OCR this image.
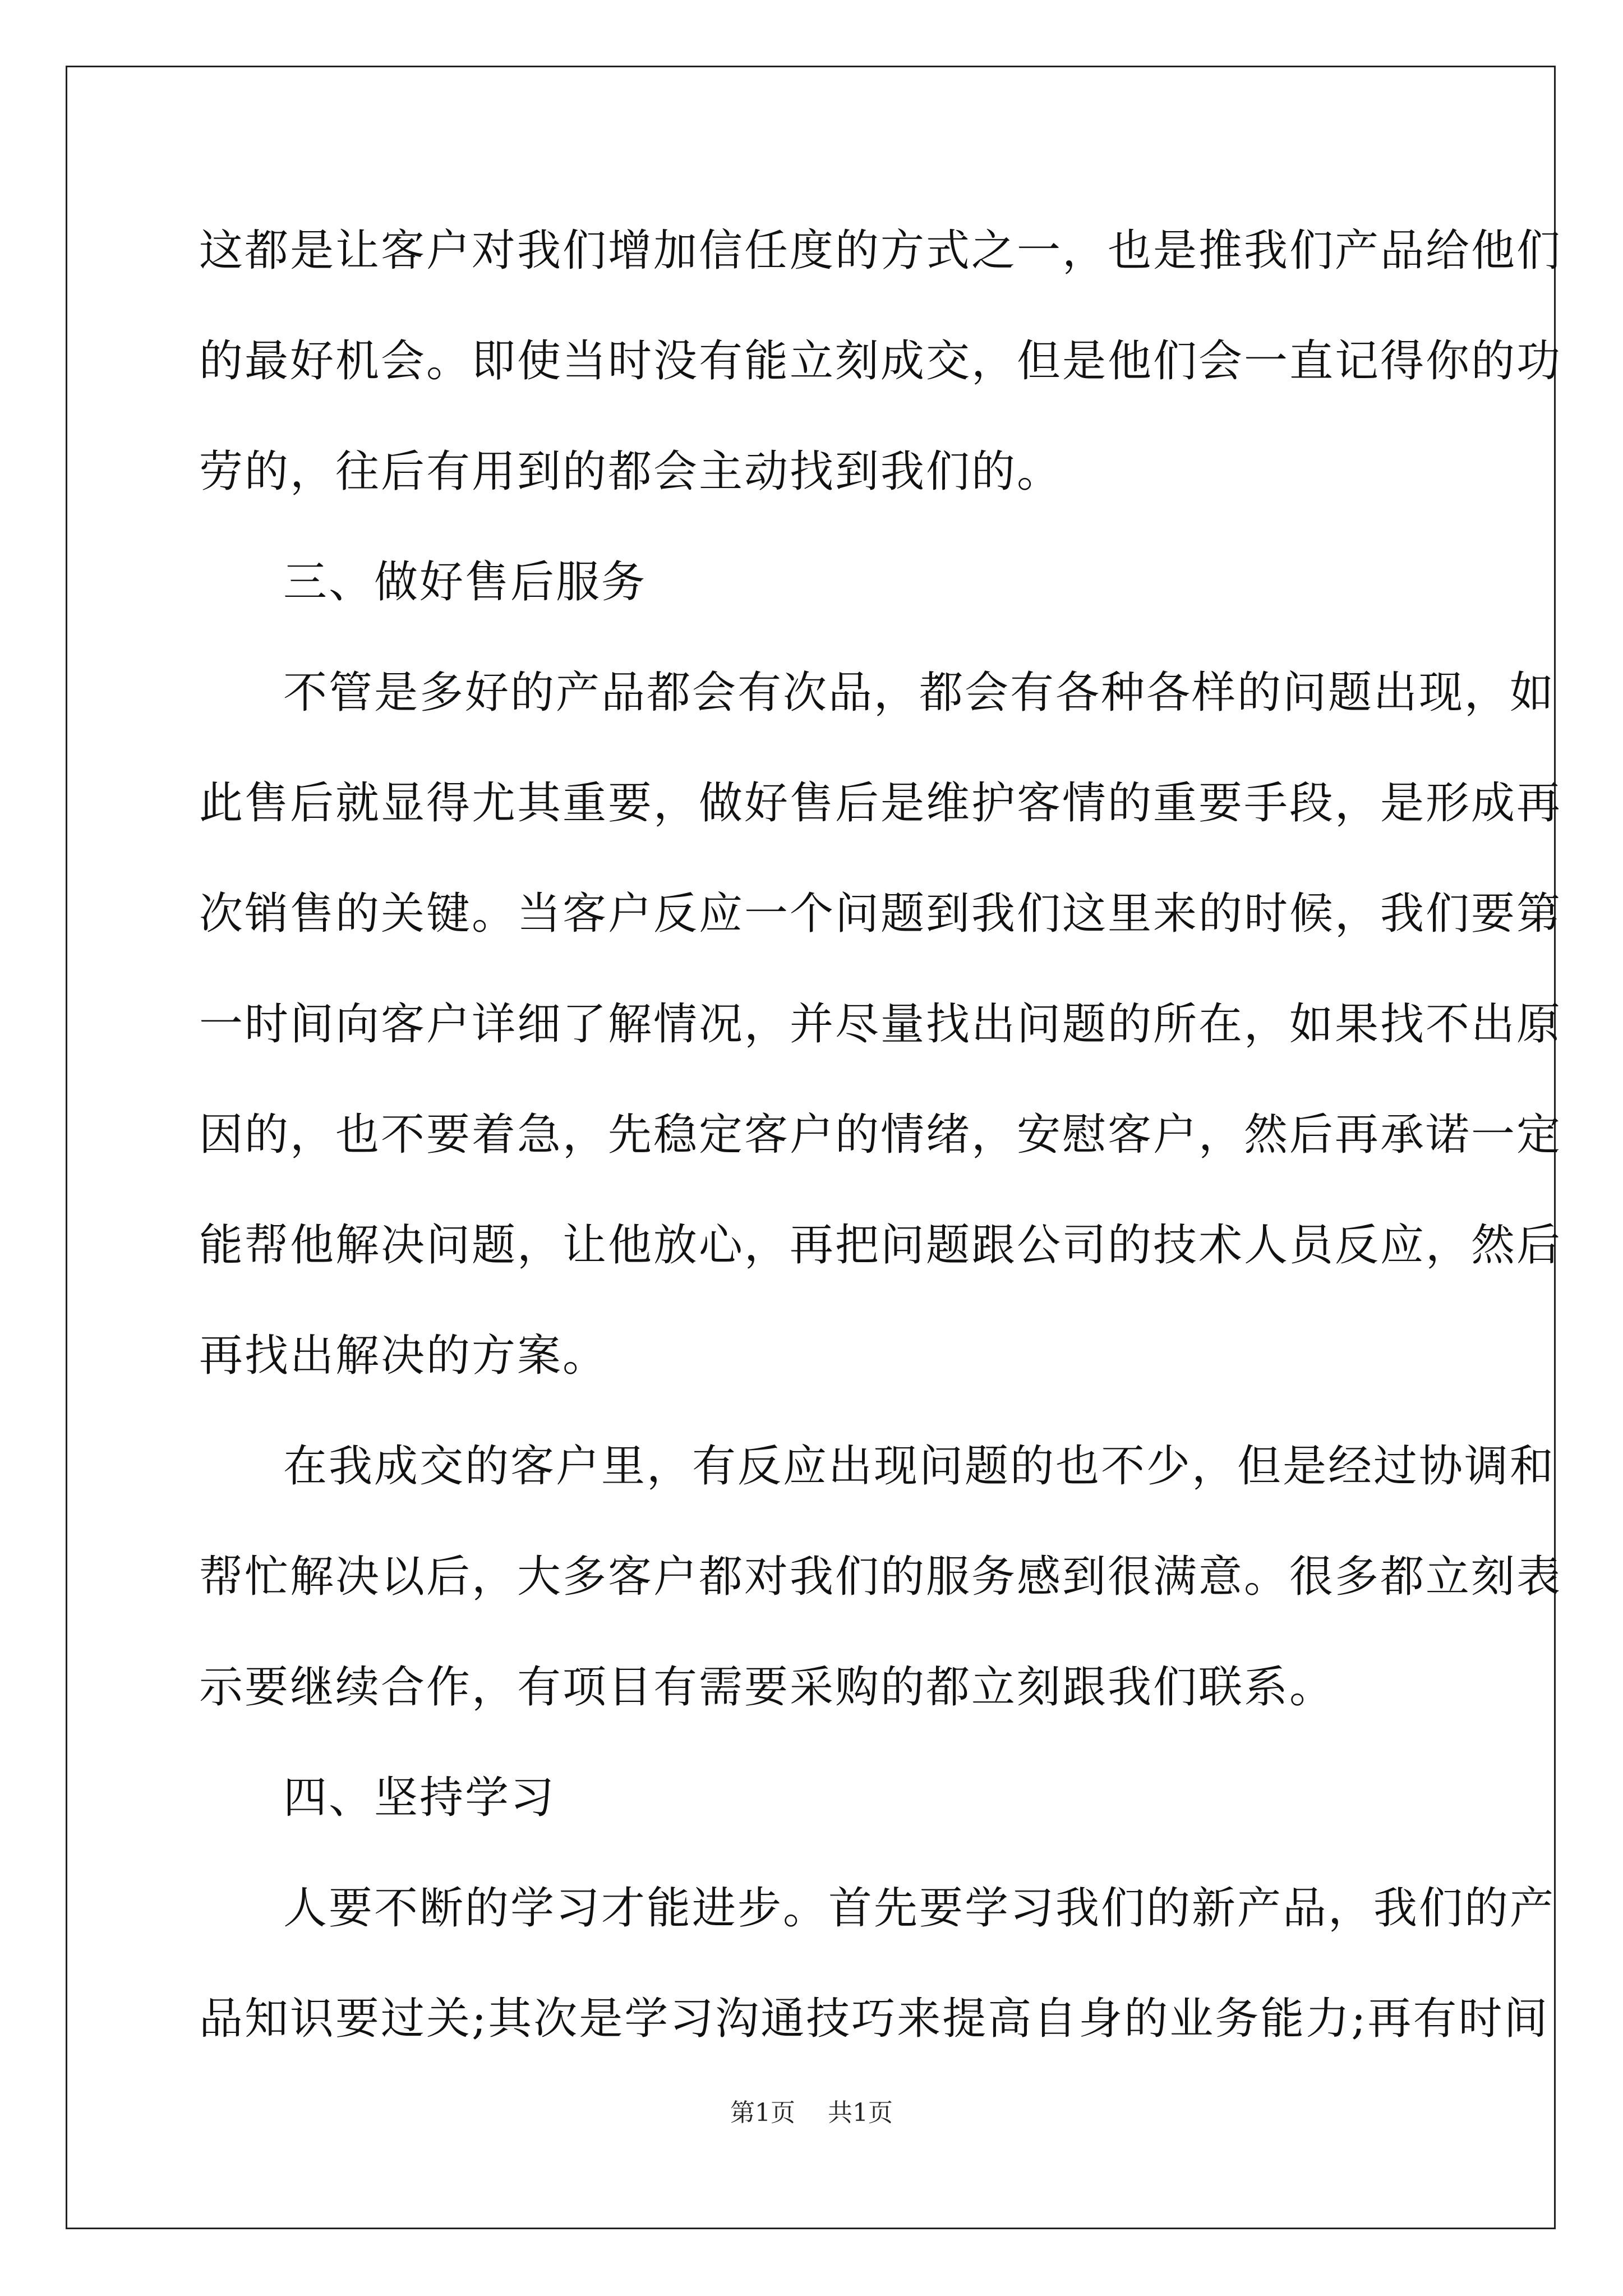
这都是让客户对我们增加信任度的方式之一，也是推我们产品给他们
的最好机会。即使当时没有能立刻成交，但是他们会一直记得你的功
劳的，往后有用到的都会主动找到我们的。
三、做好售后服务
不管是多好的产品都会有次品，都会有各种各样的问题出现，如
此售后就显得尤其重要，做好售后是维护客情的重要手段，是形成再
次销售的关键。当客户反应一个问题到我们这里来的时候，我们要第
一时间向客户详细了解情况，并尽量找出问题的所在，如果找不出原
因的，也不要着急，先稳定客户的情绪，安慰客户，然后再承诺一定
能帮他解决问题，让他放心，再把问题跟公司的技术人员反应，然后
再找出解决的方案。
在我成交的客户里，有反应出现问题的也不少，但是经过协调和
帮忙解决以后，大多客户都对我们的服务感到很满意。很多都立刻表
示要继续合作，有项目有需要采购的都立刻跟我们联系。
四、坚持学习
人要不断的学习才能进步。首先要学习我们的新产品，我们的产
品知识要过关;其次是学习沟通技巧来提高自身的业务能力;再有时间
第1页 共1页
